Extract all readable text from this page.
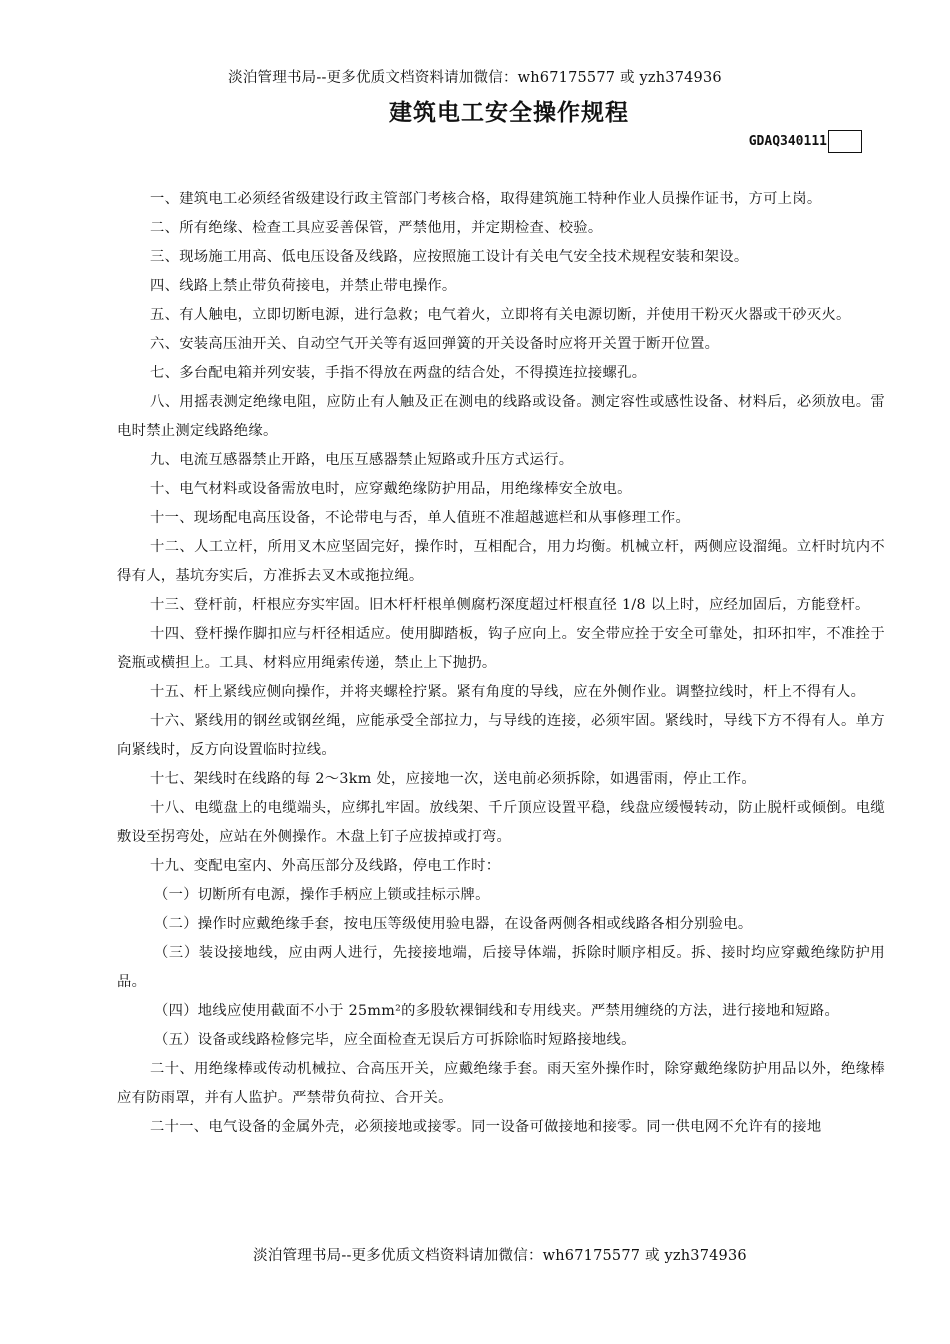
淡泊管理书局--更多优质文档资料请加微信：wh67175577 或 yzh374936
建筑电工安全操作规程
GDAQ340111

一、建筑电工必须经省级建设行政主管部门考核合格，取得建筑施工特种作业人员操作证书，方可上岗。

二、所有绝缘、检查工具应妥善保管，严禁他用，并定期检查、校验。

三、现场施工用高、低电压设备及线路，应按照施工设计有关电气安全技术规程安装和架设。

四、线路上禁止带负荷接电，并禁止带电操作。

五、有人触电，立即切断电源，进行急救；电气着火，立即将有关电源切断，并使用干粉灭火器或干砂灭火。

六、安装高压油开关、自动空气开关等有返回弹簧的开关设备时应将开关置于断开位置。

七、多台配电箱并列安装，手指不得放在两盘的结合处，不得摸连拉接螺孔。

八、用摇表测定绝缘电阻，应防止有人触及正在测电的线路或设备。测定容性或感性设备、材料后，必须放电。雷电时禁止测定线路绝缘。

九、电流互感器禁止开路，电压互感器禁止短路或升压方式运行。

十、电气材料或设备需放电时，应穿戴绝缘防护用品，用绝缘棒安全放电。

十一、现场配电高压设备，不论带电与否，单人值班不准超越遮栏和从事修理工作。

十二、人工立杆，所用叉木应坚固完好，操作时，互相配合，用力均衡。机械立杆，两侧应设溜绳。立杆时坑内不得有人，基坑夯实后，方准拆去叉木或拖拉绳。

十三、登杆前，杆根应夯实牢固。旧木杆杆根单侧腐朽深度超过杆根直径 1/8 以上时，应经加固后，方能登杆。

十四、登杆操作脚扣应与杆径相适应。使用脚踏板，钩子应向上。安全带应拴于安全可靠处，扣环扣牢，不准拴于瓷瓶或横担上。工具、材料应用绳索传递，禁止上下抛扔。

十五、杆上紧线应侧向操作，并将夹螺栓拧紧。紧有角度的导线，应在外侧作业。调整拉线时，杆上不得有人。

十六、紧线用的钢丝或钢丝绳，应能承受全部拉力，与导线的连接，必须牢固。紧线时，导线下方不得有人。单方向紧线时，反方向设置临时拉线。

十七、架线时在线路的每 2～3km 处，应接地一次，送电前必须拆除，如遇雷雨，停止工作。

十八、电缆盘上的电缆端头，应绑扎牢固。放线架、千斤顶应设置平稳，线盘应缓慢转动，防止脱杆或倾倒。电缆敷设至拐弯处，应站在外侧操作。木盘上钉子应拔掉或打弯。

十九、变配电室内、外高压部分及线路，停电工作时：

（一）切断所有电源，操作手柄应上锁或挂标示牌。

（二）操作时应戴绝缘手套，按电压等级使用验电器，在设备两侧各相或线路各相分别验电。

（三）装设接地线，应由两人进行，先接接地端，后接导体端，拆除时顺序相反。拆、接时均应穿戴绝缘防护用品。

（四）地线应使用截面不小于 25mm²的多股软裸铜线和专用线夹。严禁用缠绕的方法，进行接地和短路。

（五）设备或线路检修完毕，应全面检查无误后方可拆除临时短路接地线。

二十、用绝缘棒或传动机械拉、合高压开关，应戴绝缘手套。雨天室外操作时，除穿戴绝缘防护用品以外，绝缘棒应有防雨罩，并有人监护。严禁带负荷拉、合开关。

二十一、电气设备的金属外壳，必须接地或接零。同一设备可做接地和接零。同一供电网不允许有的接地

淡泊管理书局--更多优质文档资料请加微信：wh67175577 或 yzh374936
